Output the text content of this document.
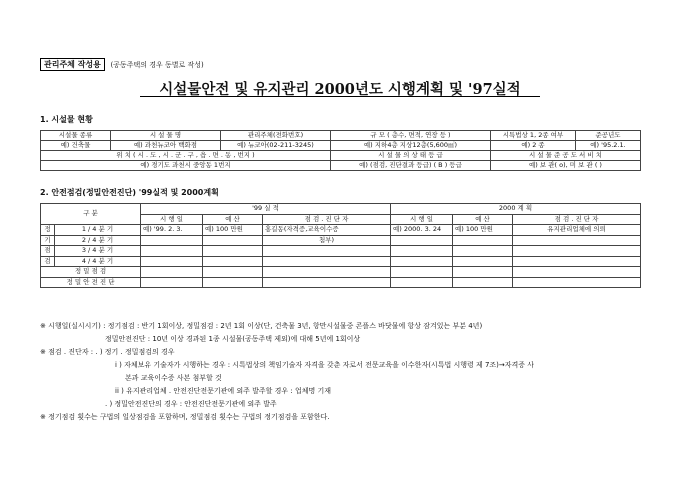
관리주체 작성용 (공동주택의 경우 동별로 작성)
시설물안전 및 유지관리 2000년도 시행계획 및 '97실적
1. 시설물 현황
시설물 종류	시 설 물 명	관리주체(전화번호)	규 모 ( 층수, 면적, 연장 등 )	시특법상 1, 2종 여부	준공년도
예) 건축물	예) 과천뉴코아 백화점	예) 뉴코아(02-211-3245)	예) 지하4층 지상12층(5,600㎡)	예) 2 종	예) '95.2.1.
위 치 ( 시 . 도 , 시 . 군 . 구 , 읍 . 면 . 동 , 번지 )			시 설 물 의 상 태 등 급	시 설 물 준 공 도 서 비 치	
예) 경기도 과천시 중앙동 1번지			예) (점검, 진단결과 등급) ( B ) 등급	예) 보 관( o), 미 보 관 ( )	
2. 안전점검(정밀안전진단) '99실적 및 2000계획
구 분		'99 실 적			2000 계 획		
		시 행 일	예 산	점 검 . 진 단 자	시 행 일	예 산	점 검 . 진 단 자
정	1 / 4 분 기	예) '99. 2. 3.	예) 100 만원	홍길동(자격증,교육이수증	예) 2000. 3. 24	예) 100 만원	유지관리업체에 의뢰
기	2 / 4 분 기			첨부)			
점	3 / 4 분 기						
검	4 / 4 분 기						
정 밀 점 검							
정 밀 안 전 진 단							
※ 시행일(실시시기) : 정기점검 : 반기 1회이상, 정밀점검 : 2년 1회 이상(단, 건축물 3년, 항만시설물중 콘플스 바닷물에 항상 잠겨있는 부분 4년)
정밀안전진단 : 10년 이상 경과된 1종 시설물(공동주택 제외)에 대해 5년에 1회이상
※ 점검 . 진단자 : . ) 정기 . 정밀점검의 경우
i ) 자체보유 기술자가 시행하는 경우 : 시특법상의 책임기술자 자격을 갖춘 자로서 전문교육을 이수한자(시특법 시행령 제 7조)→자격증 사
본과 교육이수증 사본 첨부할 것
ii ) 유지관리업체 . 안전진단전문기관에 외주 발주할 경우 : 업체명 기재
. ) 정밀안전진단의 경우 : 안전진단전문기관에 외주 발주
※ 정기점검 횟수는 구법의 일상점검을 포함하며, 정밀점검 횟수는 구법의 정기점검을 포함한다.
